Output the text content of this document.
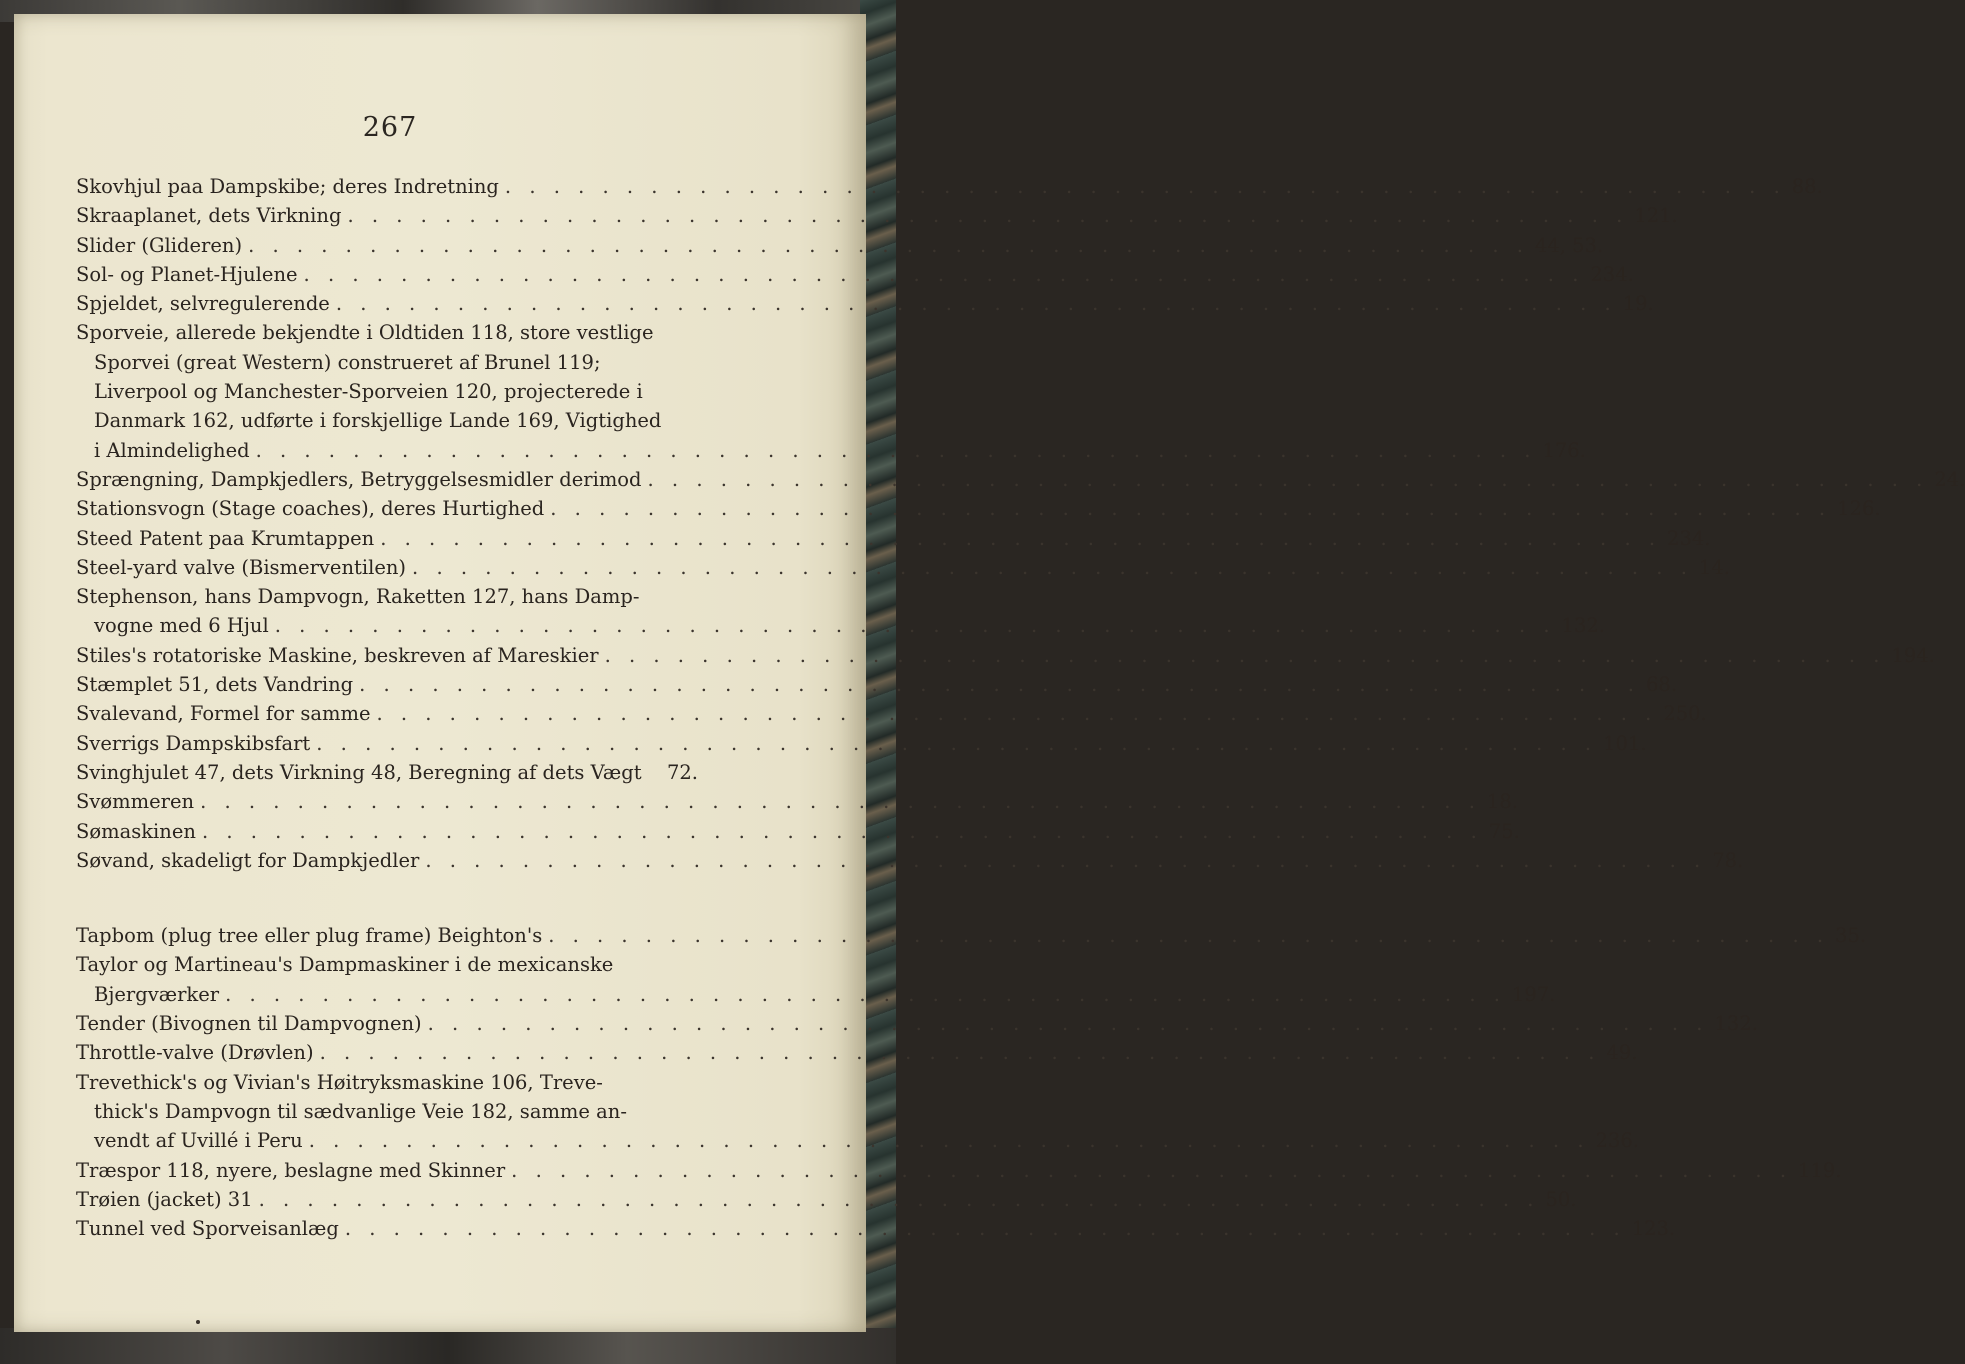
267
Skovhjul paa Dampskibe; deres Indretning . . . . . . . . . . . . . . . . . . . . . . . . . . . . . . . . . . . . . . . . . . . . . . . . . . . . . 88.
Skraaplanet, dets Virkning . . . . . . . . . . . . . . . . . . . . . . . . . . . . . . . . . . . . . . . . . . . . . . . . . . . . . 121.
Slider (Glideren) . . . . . . . . . . . . . . . . . . . . . . . . . . . . . . . . . . . . . . . . . . . . . . . . . . . . . 44, 53.
Sol- og Planet-Hjulene . . . . . . . . . . . . . . . . . . . . . . . . . . . . . . . . . . . . . . . . . . . . . . . . . . . . . 234.
Spjeldet, selvregulerende . . . . . . . . . . . . . . . . . . . . . . . . . . . . . . . . . . . . . . . . . . . . . . . . . . . . . 19.
Sporveie, allerede bekjendte i Oldtiden 118, store vestlige
Sporvei (great Western) construeret af Brunel 119;
Liverpool og Manchester-Sporveien 120, projecterede i
Danmark 162, udførte i forskjellige Lande 169, Vigtighed
i Almindelighed . . . . . . . . . . . . . . . . . . . . . . . . . . . . . . . . . . . . . . . . . . . . . . . . . . . . . 176.
Sprængning, Dampkjedlers, Betryggelsesmidler derimod . . . . . . . . . . . . . . . . . . . . . . . . . . . . . . . . . . . . . . . . . . . . . . . . . . . . . 24.
Stationsvogn (Stage coaches), deres Hurtighed . . . . . . . . . . . . . . . . . . . . . . . . . . . . . . . . . . . . . . . . . . . . . . . . . . . . . 126.
Steed Patent paa Krumtappen . . . . . . . . . . . . . . . . . . . . . . . . . . . . . . . . . . . . . . . . . . . . . . . . . . . . . 234.
Steel-yard valve (Bismerventilen) . . . . . . . . . . . . . . . . . . . . . . . . . . . . . . . . . . . . . . . . . . . . . . . . . . . . . 14.
Stephenson, hans Dampvogn, Raketten 127, hans Damp-
vogne med 6 Hjul . . . . . . . . . . . . . . . . . . . . . . . . . . . . . . . . . . . . . . . . . . . . . . . . . . . . . 132.
Stiles's rotatoriske Maskine, beskreven af Mareskier . . . . . . . . . . . . . . . . . . . . . . . . . . . . . . . . . . . . . . . . . . . . . . . . . . . . . 194.
Stæmplet 51, dets Vandring . . . . . . . . . . . . . . . . . . . . . . . . . . . . . . . . . . . . . . . . . . . . . . . . . . . . . 68.
Svalevand, Formel for samme . . . . . . . . . . . . . . . . . . . . . . . . . . . . . . . . . . . . . . . . . . . . . . . . . . . . . 250.
Sverrigs Dampskibsfart . . . . . . . . . . . . . . . . . . . . . . . . . . . . . . . . . . . . . . . . . . . . . . . . . . . . . 101.
Svinghjulet 47, dets Virkning 48, Beregning af dets Vægt 72.
Svømmeren . . . . . . . . . . . . . . . . . . . . . . . . . . . . . . . . . . . . . . . . . . . . . . . . . . . . . 18.
Sømaskinen . . . . . . . . . . . . . . . . . . . . . . . . . . . . . . . . . . . . . . . . . . . . . . . . . . . . . 75.
Søvand, skadeligt for Dampkjedler . . . . . . . . . . . . . . . . . . . . . . . . . . . . . . . . . . . . . . . . . . . . . . . . . . . . . 78.
Tapbom (plug tree eller plug frame) Beighton's . . . . . . . . . . . . . . . . . . . . . . . . . . . . . . . . . . . . . . . . . . . . . . . . . . . . . 35.
Taylor og Martineau's Dampmaskiner i de mexicanske
Bjergværker . . . . . . . . . . . . . . . . . . . . . . . . . . . . . . . . . . . . . . . . . . . . . . . . . . . . . 197.
Tender (Bivognen til Dampvognen) . . . . . . . . . . . . . . . . . . . . . . . . . . . . . . . . . . . . . . . . . . . . . . . . . . . . . 132.
Throttle-valve (Drøvlen) . . . . . . . . . . . . . . . . . . . . . . . . . . . . . . . . . . . . . . . . . . . . . . . . . . . . . 49.
Trevethick's og Vivian's Høitryksmaskine 106, Treve-
thick's Dampvogn til sædvanlige Veie 182, samme an-
vendt af Uvillé i Peru . . . . . . . . . . . . . . . . . . . . . . . . . . . . . . . . . . . . . . . . . . . . . . . . . . . . . 236.
Træspor 118, nyere, beslagne med Skinner . . . . . . . . . . . . . . . . . . . . . . . . . . . . . . . . . . . . . . . . . . . . . . . . . . . . . 119.
Trøien (jacket) 31 . . . . . . . . . . . . . . . . . . . . . . . . . . . . . . . . . . . . . . . . . . . . . . . . . . . . . 50.
Tunnel ved Sporveisanlæg . . . . . . . . . . . . . . . . . . . . . . . . . . . . . . . . . . . . . . . . . . . . . . . . . . . . . 123.
